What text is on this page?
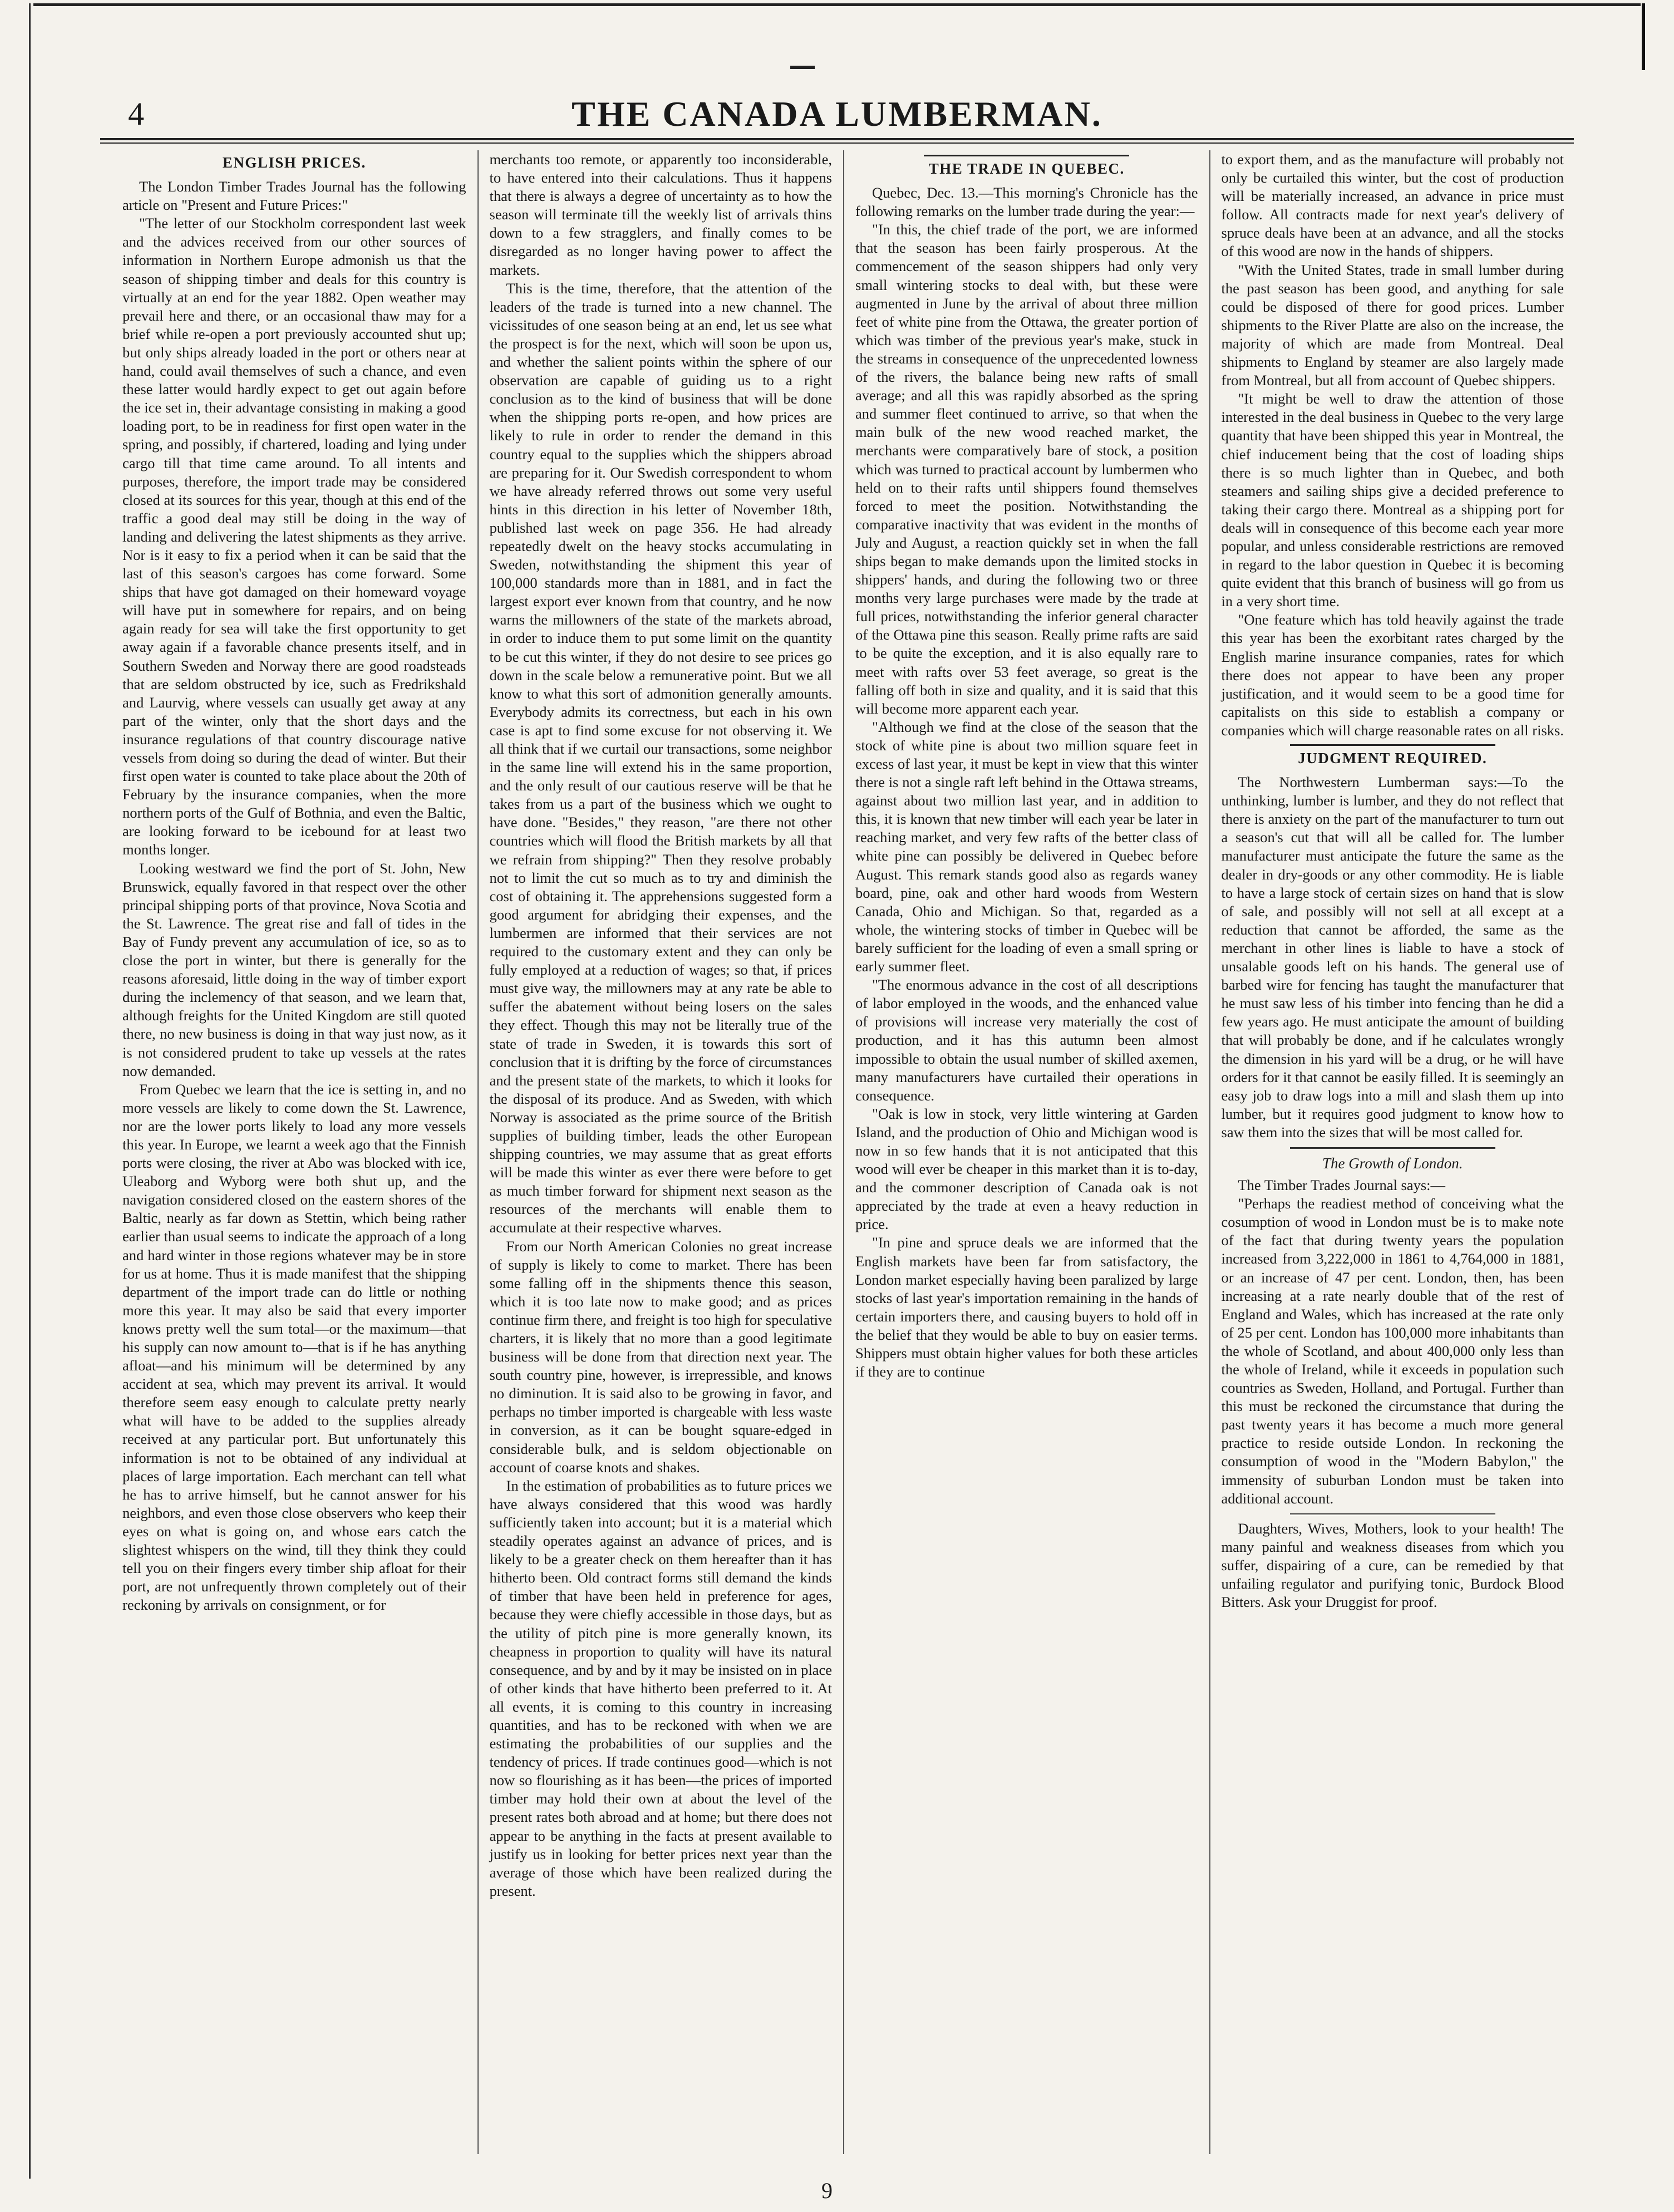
4	THE CANADA LUMBERMAN.
ENGLISH PRICES.

The London Timber Trades Journal has the following article on "Present and Future Prices:"

"The letter of our Stockholm correspondent last week and the advices received from our other sources of information in Northern Europe admonish us that the season of shipping timber and deals for this country is virtually at an end for the year 1882. Open weather may prevail here and there, or an occasional thaw may for a brief while re-open a port previously accounted shut up; but only ships already loaded in the port or others near at hand, could avail themselves of such a chance, and even these latter would hardly expect to get out again before the ice set in, their advantage consisting in making a good loading port, to be in readiness for first open water in the spring, and possibly, if chartered, loading and lying under cargo till that time came around. To all intents and purposes, therefore, the import trade may be considered closed at its sources for this year, though at this end of the traffic a good deal may still be doing in the way of landing and delivering the latest shipments as they arrive. Nor is it easy to fix a period when it can be said that the last of this season's cargoes has come forward. Some ships that have got damaged on their homeward voyage will have put in somewhere for repairs, and on being again ready for sea will take the first opportunity to get away again if a favorable chance presents itself, and in Southern Sweden and Norway there are good roadsteads that are seldom obstructed by ice, such as Fredrikshald and Laurvig, where vessels can usually get away at any part of the winter, only that the short days and the insurance regulations of that country discourage native vessels from doing so during the dead of winter. But their first open water is counted to take place about the 20th of February by the insurance companies, when the more northern ports of the Gulf of Bothnia, and even the Baltic, are looking forward to be icebound for at least two months longer.

Looking westward we find the port of St. John, New Brunswick, equally favored in that respect over the other principal shipping ports of that province, Nova Scotia and the St. Lawrence. The great rise and fall of tides in the Bay of Fundy prevent any accumulation of ice, so as to close the port in winter, but there is generally for the reasons aforesaid, little doing in the way of timber export during the inclemency of that season, and we learn that, although freights for the United Kingdom are still quoted there, no new business is doing in that way just now, as it is not considered prudent to take up vessels at the rates now demanded.

From Quebec we learn that the ice is setting in, and no more vessels are likely to come down the St. Lawrence, nor are the lower ports likely to load any more vessels this year. In Europe, we learnt a week ago that the Finnish ports were closing, the river at Abo was blocked with ice, Uleaborg and Wyborg were both shut up, and the navigation considered closed on the eastern shores of the Baltic, nearly as far down as Stettin, which being rather earlier than usual seems to indicate the approach of a long and hard winter in those regions whatever may be in store for us at home. Thus it is made manifest that the shipping department of the import trade can do little or nothing more this year. It may also be said that every importer knows pretty well the sum total—or the maximum—that his supply can now amount to—that is if he has anything afloat—and his minimum will be determined by any accident at sea, which may prevent its arrival. It would therefore seem easy enough to calculate pretty nearly what will have to be added to the supplies already received at any particular port. But unfortunately this information is not to be obtained of any individual at places of large importation. Each merchant can tell what he has to arrive himself, but he cannot answer for his neighbors, and even those close observers who keep their eyes on what is going on, and whose ears catch the slightest whispers on the wind, till they think they could tell you on their fingers every timber ship afloat for their port, are not unfrequently thrown completely out of their reckoning by arrivals on consignment, or for

merchants too remote, or apparently too inconsiderable, to have entered into their calculations. Thus it happens that there is always a degree of uncertainty as to how the season will terminate till the weekly list of arrivals thins down to a few stragglers, and finally comes to be disregarded as no longer having power to affect the markets.

This is the time, therefore, that the attention of the leaders of the trade is turned into a new channel. The vicissitudes of one season being at an end, let us see what the prospect is for the next, which will soon be upon us, and whether the salient points within the sphere of our observation are capable of guiding us to a right conclusion as to the kind of business that will be done when the shipping ports re-open, and how prices are likely to rule in order to render the demand in this country equal to the supplies which the shippers abroad are preparing for it. Our Swedish correspondent to whom we have already referred throws out some very useful hints in this direction in his letter of November 18th, published last week on page 356. He had already repeatedly dwelt on the heavy stocks accumulating in Sweden, notwithstanding the shipment this year of 100,000 standards more than in 1881, and in fact the largest export ever known from that country, and he now warns the millowners of the state of the markets abroad, in order to induce them to put some limit on the quantity to be cut this winter, if they do not desire to see prices go down in the scale below a remunerative point. But we all know to what this sort of admonition generally amounts. Everybody admits its correctness, but each in his own case is apt to find some excuse for not observing it. We all think that if we curtail our transactions, some neighbor in the same line will extend his in the same proportion, and the only result of our cautious reserve will be that he takes from us a part of the business which we ought to have done. "Besides," they reason, "are there not other countries which will flood the British markets by all that we refrain from shipping?" Then they resolve probably not to limit the cut so much as to try and diminish the cost of obtaining it. The apprehensions suggested form a good argument for abridging their expenses, and the lumbermen are informed that their services are not required to the customary extent and they can only be fully employed at a reduction of wages; so that, if prices must give way, the millowners may at any rate be able to suffer the abatement without being losers on the sales they effect. Though this may not be literally true of the state of trade in Sweden, it is towards this sort of conclusion that it is drifting by the force of circumstances and the present state of the markets, to which it looks for the disposal of its produce. And as Sweden, with which Norway is associated as the prime source of the British supplies of building timber, leads the other European shipping countries, we may assume that as great efforts will be made this winter as ever there were before to get as much timber forward for shipment next season as the resources of the merchants will enable them to accumulate at their respective wharves.

From our North American Colonies no great increase of supply is likely to come to market. There has been some falling off in the shipments thence this season, which it is too late now to make good; and as prices continue firm there, and freight is too high for speculative charters, it is likely that no more than a good legitimate business will be done from that direction next year. The south country pine, however, is irrepressible, and knows no diminution. It is said also to be growing in favor, and perhaps no timber imported is chargeable with less waste in conversion, as it can be bought square-edged in considerable bulk, and is seldom objectionable on account of coarse knots and shakes.

In the estimation of probabilities as to future prices we have always considered that this wood was hardly sufficiently taken into account; but it is a material which steadily operates against an advance of prices, and is likely to be a greater check on them hereafter than it has hitherto been. Old contract forms still demand the kinds of timber that have been held in preference for ages, because they were chiefly accessible in those days, but as the utility of pitch pine is more generally known, its cheapness in proportion to quality will have its natural consequence, and by and by it may be insisted on in place of other kinds that have hitherto been preferred to it. At all events, it is coming to this country in increasing quantities, and has to be reckoned with when we are estimating the probabilities of our supplies and the tendency of prices. If trade continues good—which is not now so flourishing as it has been—the prices of imported timber may hold their own at about the level of the present rates both abroad and at home; but there does not appear to be anything in the facts at present available to justify us in looking for better prices next year than the average of those which have been realized during the present.

THE TRADE IN QUEBEC.

Quebec, Dec. 13.—This morning's Chronicle has the following remarks on the lumber trade during the year:—

"In this, the chief trade of the port, we are informed that the season has been fairly prosperous. At the commencement of the season shippers had only very small wintering stocks to deal with, but these were augmented in June by the arrival of about three million feet of white pine from the Ottawa, the greater portion of which was timber of the previous year's make, stuck in the streams in consequence of the unprecedented lowness of the rivers, the balance being new rafts of small average; and all this was rapidly absorbed as the spring and summer fleet continued to arrive, so that when the main bulk of the new wood reached market, the merchants were comparatively bare of stock, a position which was turned to practical account by lumbermen who held on to their rafts until shippers found themselves forced to meet the position. Notwithstanding the comparative inactivity that was evident in the months of July and August, a reaction quickly set in when the fall ships began to make demands upon the limited stocks in shippers' hands, and during the following two or three months very large purchases were made by the trade at full prices, notwithstanding the inferior general character of the Ottawa pine this season. Really prime rafts are said to be quite the exception, and it is also equally rare to meet with rafts over 53 feet average, so great is the falling off both in size and quality, and it is said that this will become more apparent each year.

"Although we find at the close of the season that the stock of white pine is about two million square feet in excess of last year, it must be kept in view that this winter there is not a single raft left behind in the Ottawa streams, against about two million last year, and in addition to this, it is known that new timber will each year be later in reaching market, and very few rafts of the better class of white pine can possibly be delivered in Quebec before August. This remark stands good also as regards waney board, pine, oak and other hard woods from Western Canada, Ohio and Michigan. So that, regarded as a whole, the wintering stocks of timber in Quebec will be barely sufficient for the loading of even a small spring or early summer fleet.

"The enormous advance in the cost of all descriptions of labor employed in the woods, and the enhanced value of provisions will increase very materially the cost of production, and it has this autumn been almost impossible to obtain the usual number of skilled axemen, many manufacturers have curtailed their operations in consequence.

"Oak is low in stock, very little wintering at Garden Island, and the production of Ohio and Michigan wood is now in so few hands that it is not anticipated that this wood will ever be cheaper in this market than it is to-day, and the commoner description of Canada oak is not appreciated by the trade at even a heavy reduction in price.

"In pine and spruce deals we are informed that the English markets have been far from satisfactory, the London market especially having been paralized by large stocks of last year's importation remaining in the hands of certain importers there, and causing buyers to hold off in the belief that they would be able to buy on easier terms. Shippers must obtain higher values for both these articles if they are to continue

to export them, and as the manufacture will probably not only be curtailed this winter, but the cost of production will be materially increased, an advance in price must follow. All contracts made for next year's delivery of spruce deals have been at an advance, and all the stocks of this wood are now in the hands of shippers.

"With the United States, trade in small lumber during the past season has been good, and anything for sale could be disposed of there for good prices. Lumber shipments to the River Platte are also on the increase, the majority of which are made from Montreal. Deal shipments to England by steamer are also largely made from Montreal, but all from account of Quebec shippers.

"It might be well to draw the attention of those interested in the deal business in Quebec to the very large quantity that have been shipped this year in Montreal, the chief inducement being that the cost of loading ships there is so much lighter than in Quebec, and both steamers and sailing ships give a decided preference to taking their cargo there. Montreal as a shipping port for deals will in consequence of this become each year more popular, and unless considerable restrictions are removed in regard to the labor question in Quebec it is becoming quite evident that this branch of business will go from us in a very short time.

"One feature which has told heavily against the trade this year has been the exorbitant rates charged by the English marine insurance companies, rates for which there does not appear to have been any proper justification, and it would seem to be a good time for capitalists on this side to establish a company or companies which will charge reasonable rates on all risks.

JUDGMENT REQUIRED.

The Northwestern Lumberman says:—To the unthinking, lumber is lumber, and they do not reflect that there is anxiety on the part of the manufacturer to turn out a season's cut that will all be called for. The lumber manufacturer must anticipate the future the same as the dealer in dry-goods or any other commodity. He is liable to have a large stock of certain sizes on hand that is slow of sale, and possibly will not sell at all except at a reduction that cannot be afforded, the same as the merchant in other lines is liable to have a stock of unsalable goods left on his hands. The general use of barbed wire for fencing has taught the manufacturer that he must saw less of his timber into fencing than he did a few years ago. He must anticipate the amount of building that will probably be done, and if he calculates wrongly the dimension in his yard will be a drug, or he will have orders for it that cannot be easily filled. It is seemingly an easy job to draw logs into a mill and slash them up into lumber, but it requires good judgment to know how to saw them into the sizes that will be most called for.

The Growth of London.

The Timber Trades Journal says:—

"Perhaps the readiest method of conceiving what the cosumption of wood in London must be is to make note of the fact that during twenty years the population increased from 3,222,000 in 1861 to 4,764,000 in 1881, or an increase of 47 per cent. London, then, has been increasing at a rate nearly double that of the rest of England and Wales, which has increased at the rate only of 25 per cent. London has 100,000 more inhabitants than the whole of Scotland, and about 400,000 only less than the whole of Ireland, while it exceeds in population such countries as Sweden, Holland, and Portugal. Further than this must be reckoned the circumstance that during the past twenty years it has become a much more general practice to reside outside London. In reckoning the consumption of wood in the "Modern Babylon," the immensity of suburban London must be taken into additional account.

Daughters, Wives, Mothers, look to your health! The many painful and weakness diseases from which you suffer, dispairing of a cure, can be remedied by that unfailing regulator and purifying tonic, Burdock Blood Bitters. Ask your Druggist for proof.

9
